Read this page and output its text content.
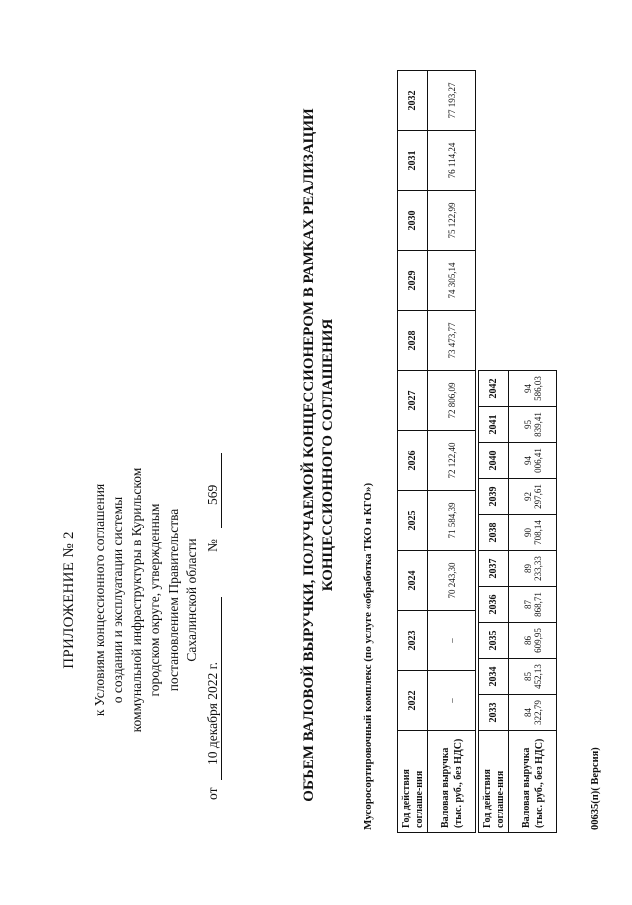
ПРИЛОЖЕНИЕ № 2 к Условиям концессионного соглашения о создании и эксплуатации системы коммунальной инфраструктуры в Курильском городском округе, утвержденным постановлением Правительства Сахалинской области
от
10 декабря 2022 г.
№
569	ОБЪЕМ ВАЛОВОЙ ВЫРУЧКИ, ПОЛУЧАЕМОЙ КОНЦЕССИОНЕРОМ В РАМКАХ РЕАЛИЗАЦИИ КОНЦЕССИОННОГО СОГЛАШЕНИЯ
Мусоросортировочный комплекс (по услуге «обработка ТКО и КГО»)	Год действия соглаше-ния	2022	2023	2024	2025	2026	2027	2028	2029	2030	2031	2032
Валовая выручка (тыс. руб., без НДС)	–	–	70 243,30	71 584,39	72 122,40	72 806,09	73 473,77	74 305,14	75 122,99	76 114,24	77 193,27
Год действия соглаше-ния	2033	2034	2035	2036	2037	2038	2039	2040	2041	2042
Валовая выручка (тыс. руб., без НДС)	84 322,79	85 452,13	86 609,95	87 868,71	89 233,33	90 708,14	92 297,61	94 006,41	95 839,41	94 586,03
00635(п)( Версия)
